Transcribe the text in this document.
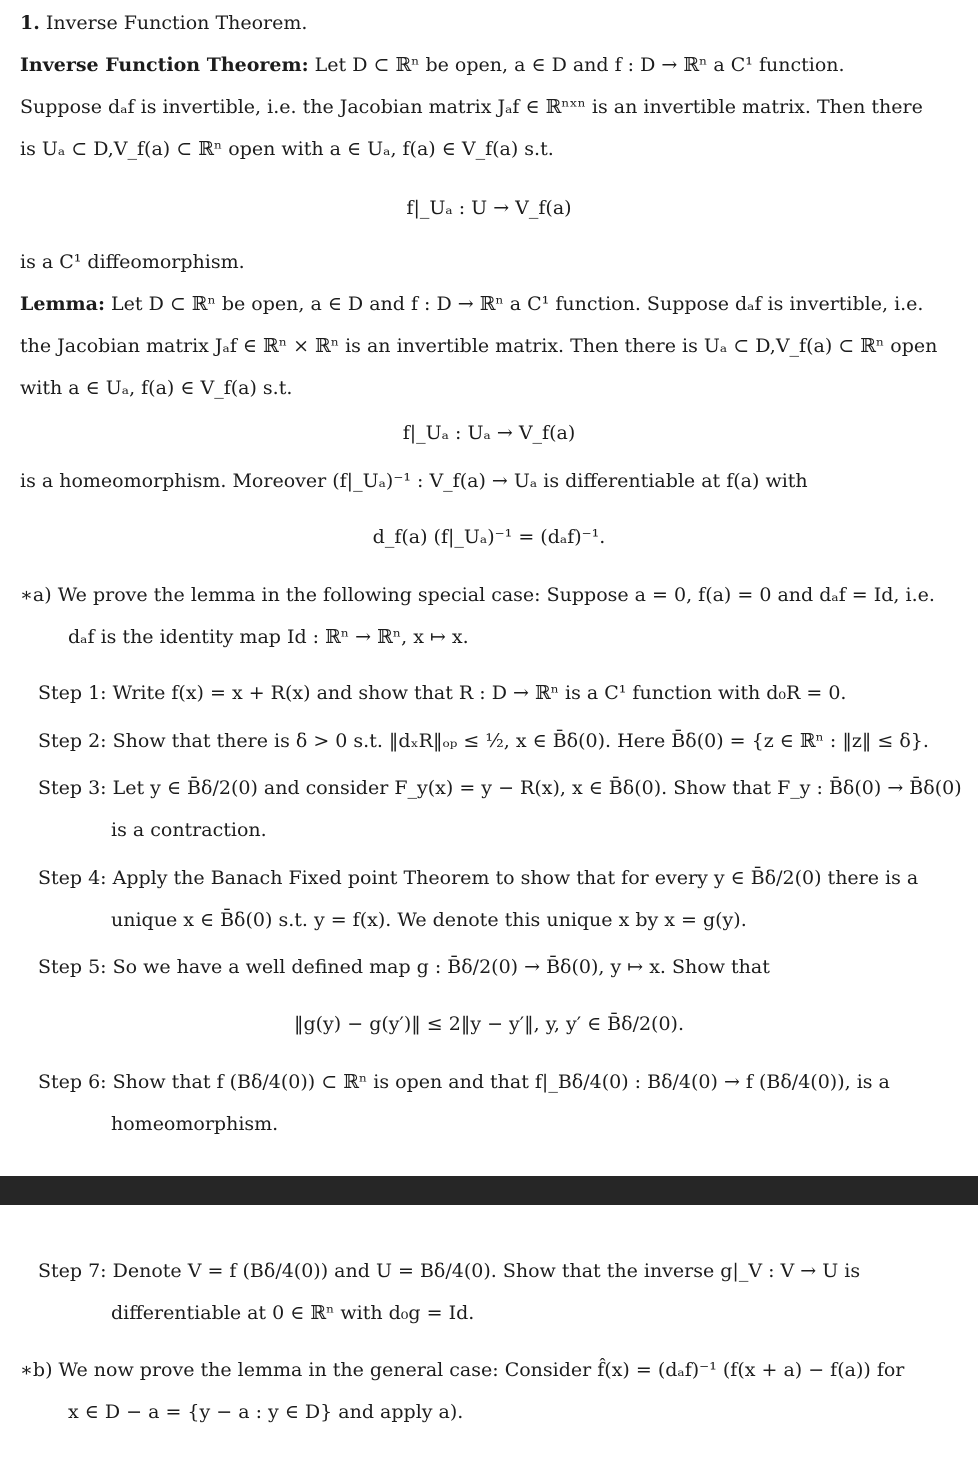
1. Inverse Function Theorem.
Inverse Function Theorem: Let D ⊂ ℝⁿ be open, a ∈ D and f : D → ℝⁿ a C¹ function.
Suppose dₐf is invertible, i.e. the Jacobian matrix Jₐf ∈ ℝⁿˣⁿ is an invertible matrix. Then there
is Uₐ ⊂ D,V_f(a) ⊂ ℝⁿ open with a ∈ Uₐ, f(a) ∈ V_f(a) s.t.
f|_Uₐ : U → V_f(a)
is a C¹ diffeomorphism.
Lemma: Let D ⊂ ℝⁿ be open, a ∈ D and f : D → ℝⁿ a C¹ function. Suppose dₐf is invertible, i.e.
the Jacobian matrix Jₐf ∈ ℝⁿ × ℝⁿ is an invertible matrix. Then there is Uₐ ⊂ D,V_f(a) ⊂ ℝⁿ open
with a ∈ Uₐ, f(a) ∈ V_f(a) s.t.
f|_Uₐ : Uₐ → V_f(a)
is a homeomorphism. Moreover (f|_Uₐ)⁻¹ : V_f(a) → Uₐ is differentiable at f(a) with
d_f(a) (f|_Uₐ)⁻¹ = (dₐf)⁻¹.
∗a) We prove the lemma in the following special case: Suppose a = 0, f(a) = 0 and dₐf = Id, i.e.
dₐf is the identity map Id : ℝⁿ → ℝⁿ, x ↦ x.
Step 1: Write f(x) = x + R(x) and show that R : D → ℝⁿ is a C¹ function with d₀R = 0.
Step 2: Show that there is δ > 0 s.t. ‖dₓR‖ₒₚ ≤ ½, x ∈ B̄δ(0). Here B̄δ(0) = {z ∈ ℝⁿ : ‖z‖ ≤ δ}.
Step 3: Let y ∈ B̄δ/2(0) and consider F_y(x) = y − R(x), x ∈ B̄δ(0). Show that F_y : B̄δ(0) → B̄δ(0)
is a contraction.
Step 4: Apply the Banach Fixed point Theorem to show that for every y ∈ B̄δ/2(0) there is a
unique x ∈ B̄δ(0) s.t. y = f(x). We denote this unique x by x = g(y).
Step 5: So we have a well defined map g : B̄δ/2(0) → B̄δ(0), y ↦ x. Show that
‖g(y) − g(y′)‖ ≤ 2‖y − y′‖, y, y′ ∈ B̄δ/2(0).
Step 6: Show that f (Bδ/4(0)) ⊂ ℝⁿ is open and that f|_Bδ/4(0) : Bδ/4(0) → f (Bδ/4(0)), is a
homeomorphism.
Step 7: Denote V = f (Bδ/4(0)) and U = Bδ/4(0). Show that the inverse g|_V : V → U is
differentiable at 0 ∈ ℝⁿ with d₀g = Id.
∗b) We now prove the lemma in the general case: Consider f̂(x) = (dₐf)⁻¹ (f(x + a) − f(a)) for
x ∈ D − a = {y − a : y ∈ D} and apply a).
